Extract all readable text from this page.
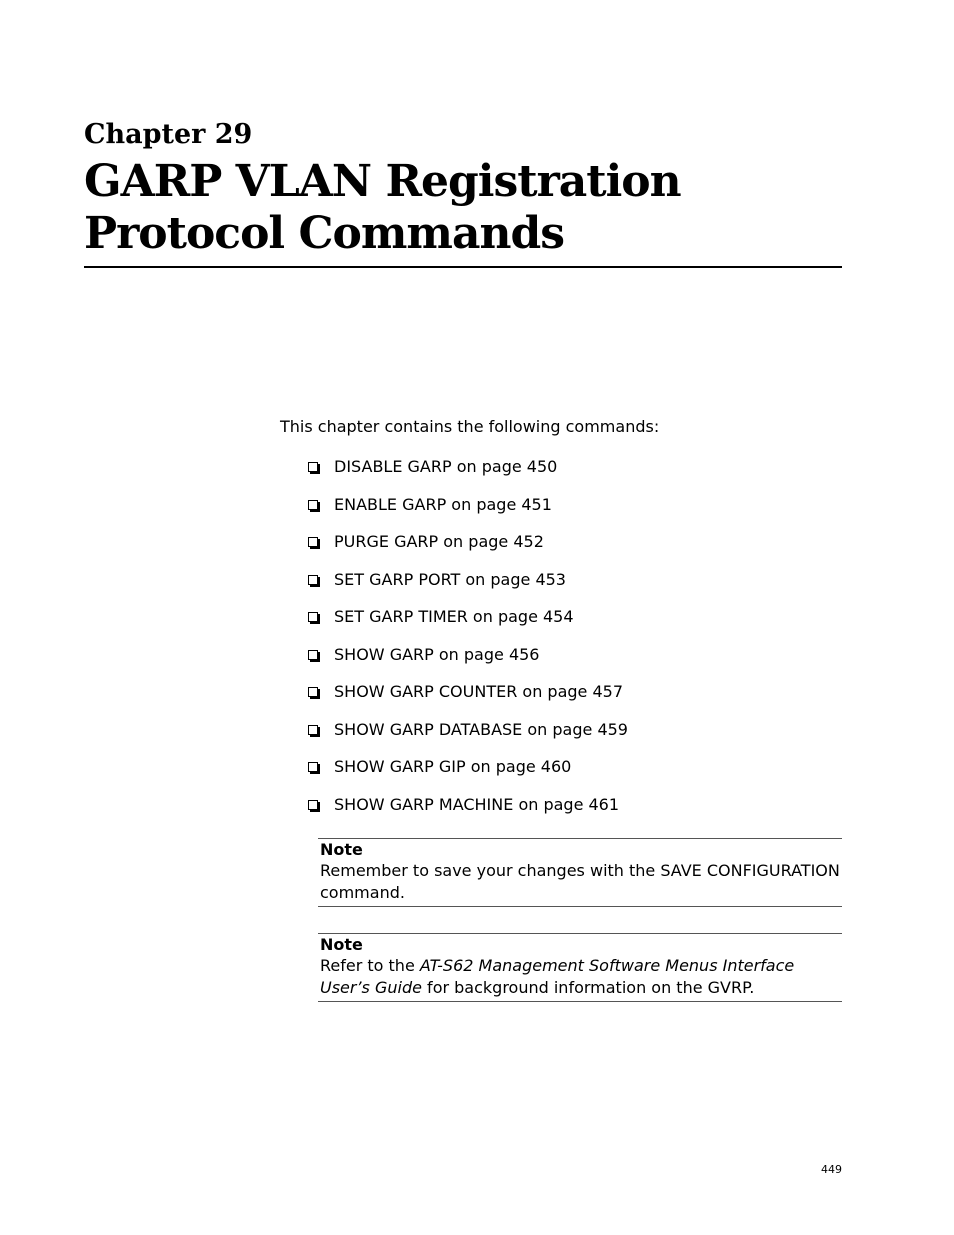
Chapter 29
GARP VLAN Registration Protocol Commands

This chapter contains the following commands:

DISABLE GARP on page 450
ENABLE GARP on page 451
PURGE GARP on page 452
SET GARP PORT on page 453
SET GARP TIMER on page 454
SHOW GARP on page 456
SHOW GARP COUNTER on page 457
SHOW GARP DATABASE on page 459
SHOW GARP GIP on page 460
SHOW GARP MACHINE on page 461
Note
Remember to save your changes with the SAVE CONFIGURATION command.
Note
Refer to the AT-S62 Management Software Menus Interface User’s Guide for background information on the GVRP.

449
